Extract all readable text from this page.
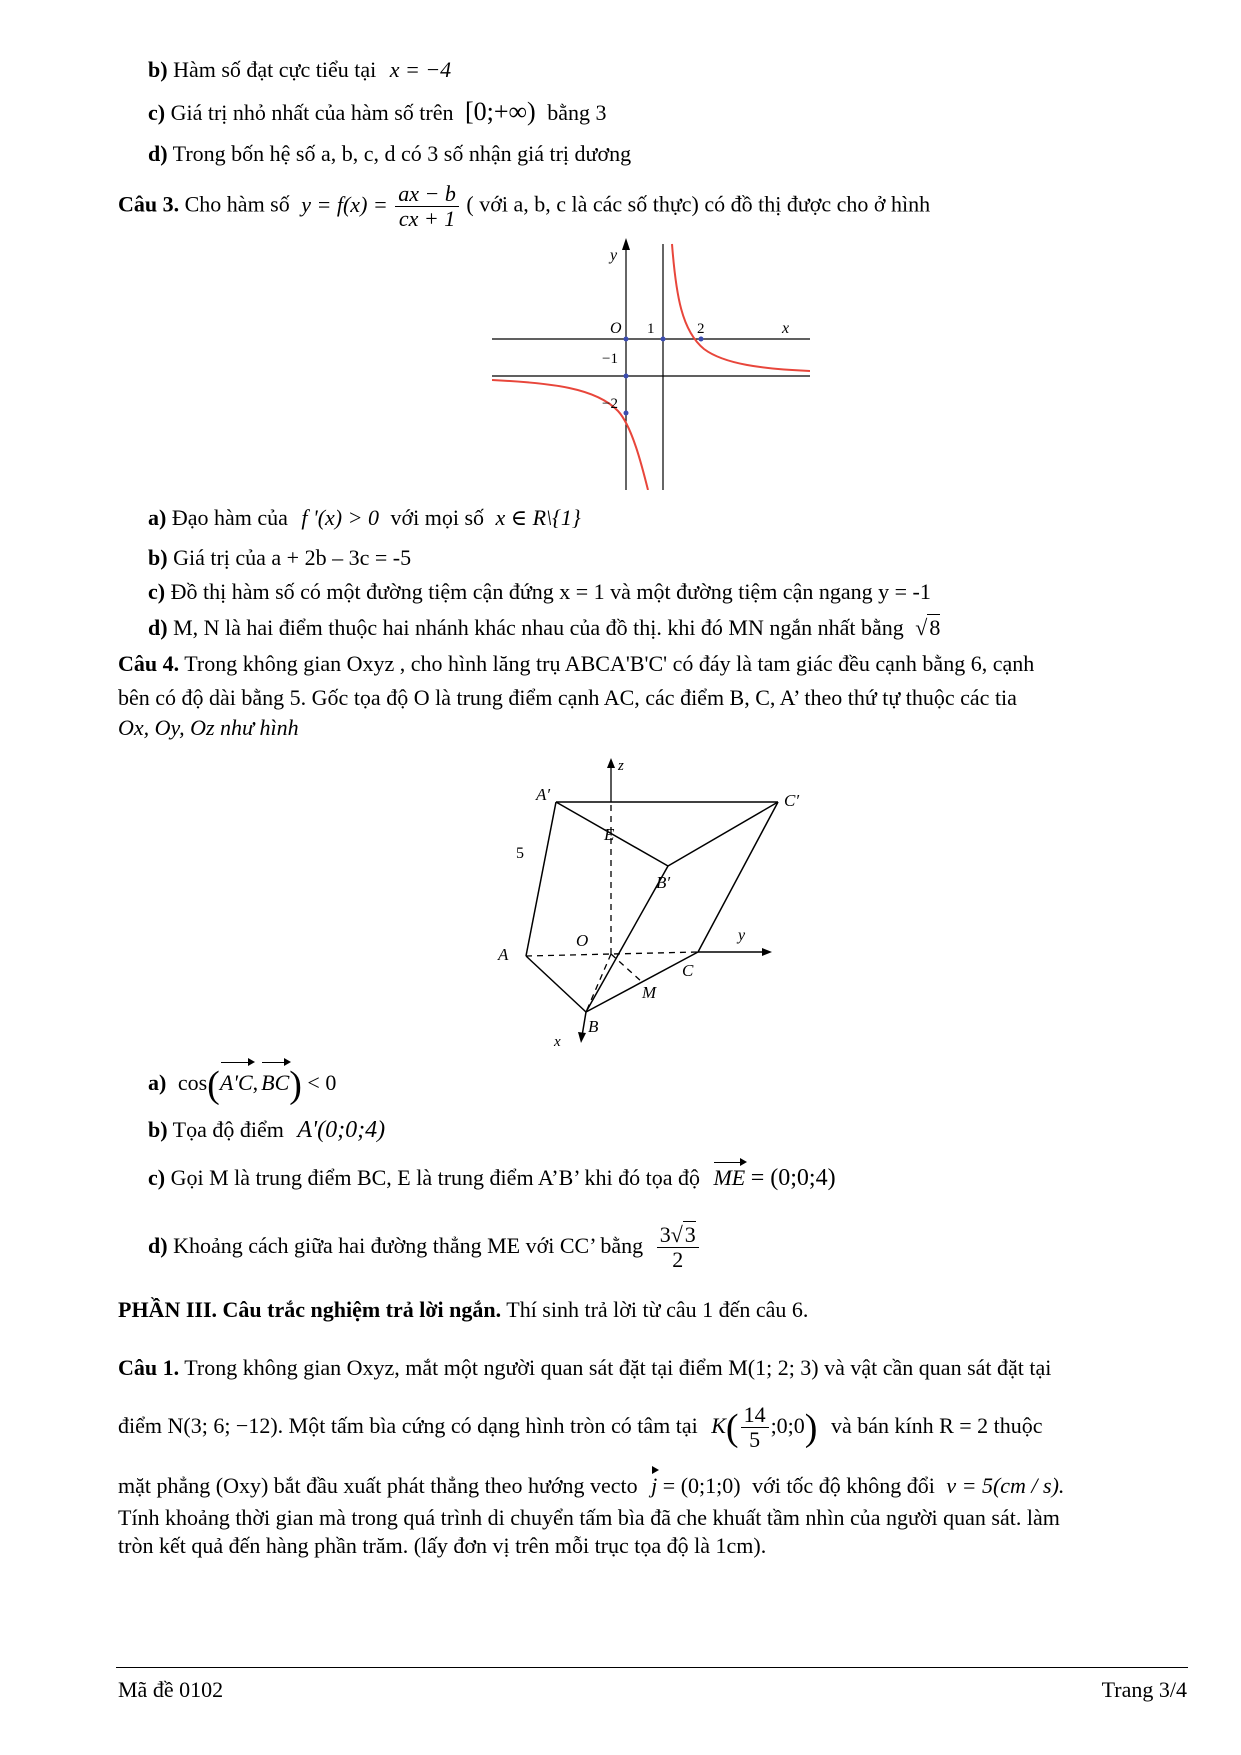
b) Hàm số đạt cực tiểu tại x = −4
c) Giá trị nhỏ nhất của hàm số trên [0;+∞) bằng 3
d) Trong bốn hệ số a, b, c, d có 3 số nhận giá trị dương
Câu 3. Cho hàm số $y = f(x) = \frac{ax - b}{cx + 1}$ ( với a, b, c là các số thực) có đồ thị được cho ở hình
y
x
O 1	2
−1
−2
a) Đạo hàm của f '(x) > 0 với mọi số x ∈ R\{1}
b) Giá trị của a + 2b – 3c = -5
c) Đồ thị hàm số có một đường tiệm cận đứng x = 1 và một đường tiệm cận ngang y = -1
d) M, N là hai điểm thuộc hai nhánh khác nhau của đồ thị. khi đó MN ngắn nhất bằng √8
Câu 4. Trong không gian Oxyz , cho hình lăng trụ ABCA'B'C' có đáy là tam giác đều cạnh bằng 6, cạnh
bên có độ dài bằng 5. Gốc tọa độ O là trung điểm cạnh AC, các điểm B, C, A’ theo thứ tự thuộc các tia
Ox, Oy, Oz như hình
z
A′	C′
E
5
B′
O	y
A
C
M
B
x
a) cos(A'C, BC) < 0
b) Tọa độ điểm A'(0;0;4)
c) Gọi M là trung điểm BC, E là trung điểm A’B’ khi đó tọa độ ME = (0;0;4)
d) Khoảng cách giữa hai đường thẳng ME với CC’ bằng $\frac{3√3}{2}$
PHẦN III. Câu trắc nghiệm trả lời ngắn. Thí sinh trả lời từ câu 1 đến câu 6.
Câu 1. Trong không gian Oxyz, mắt một người quan sát đặt tại điểm M(1; 2; 3) và vật cần quan sát đặt tại
điểm N(3; 6; −12). Một tấm bìa cứng có dạng hình tròn có tâm tại $K( \frac{14}{5}$ ;0;0) và bán kính R = 2 thuộc
mặt phẳng (Oxy) bắt đầu xuất phát thẳng theo hướng vecto j = (0;1;0) với tốc độ không đổi v = 5(cm / s).
Tính khoảng thời gian mà trong quá trình di chuyển tấm bìa đã che khuất tầm nhìn của người quan sát. làm
tròn kết quả đến hàng phần trăm. (lấy đơn vị trên mỗi trục tọa độ là 1cm).
Mã đề 0102	Trang 3/4
